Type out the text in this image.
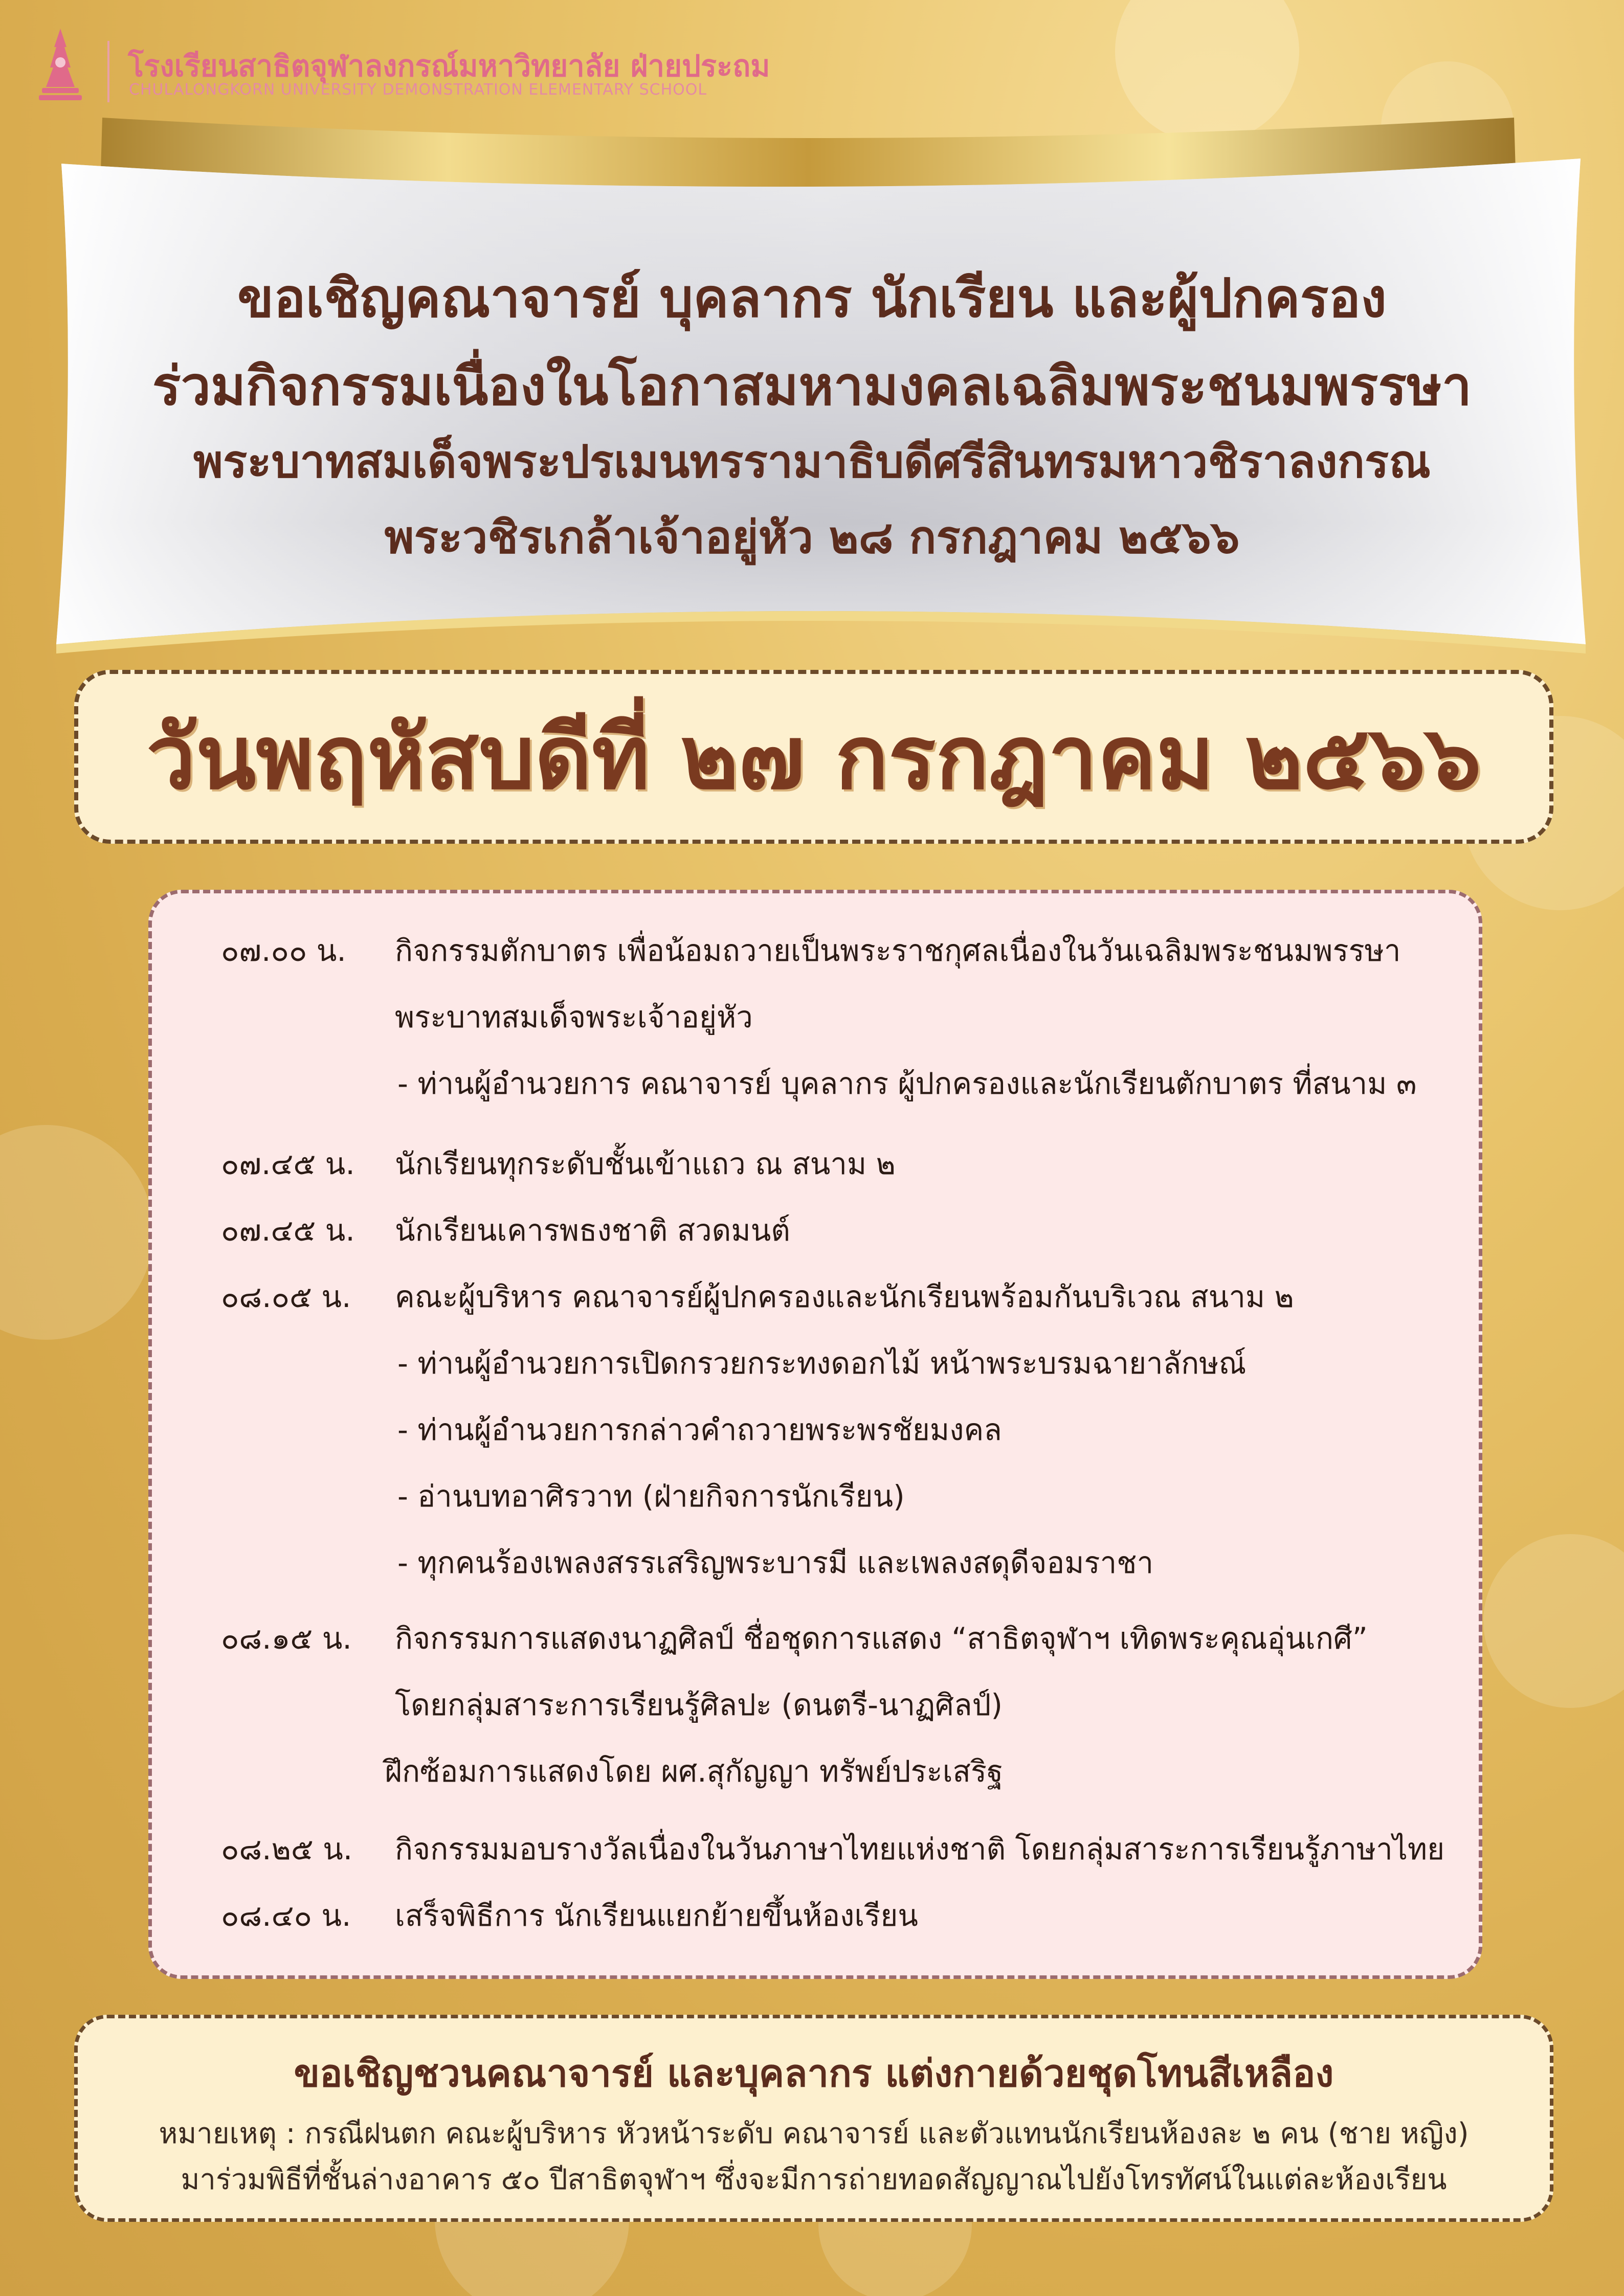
โรงเรียนสาธิตจุฬาลงกรณ์มหาวิทยาลัย ฝ่ายประถม
CHULALONGKORN UNIVERSITY DEMONSTRATION ELEMENTARY SCHOOL
ขอเชิญคณาจารย์ บุคลากร นักเรียน และผู้ปกครอง
ร่วมกิจกรรมเนื่องในโอกาสมหามงคลเฉลิมพระชนมพรรษา
พระบาทสมเด็จพระปรเมนทรรามาธิบดีศรีสินทรมหาวชิราลงกรณ
พระวชิรเกล้าเจ้าอยู่หัว ๒๘ กรกฎาคม ๒๕๖๖
วันพฤหัสบดีที่ ๒๗ กรกฎาคม ๒๕๖๖
๐๗.๐๐ น.	กิจกรรมตักบาตร เพื่อน้อมถวายเป็นพระราชกุศลเนื่องในวันเฉลิมพระชนมพรรษา
พระบาทสมเด็จพระเจ้าอยู่หัว
- ท่านผู้อำนวยการ คณาจารย์ บุคลากร ผู้ปกครองและนักเรียนตักบาตร ที่สนาม ๓
๐๗.๔๕ น.	นักเรียนทุกระดับชั้นเข้าแถว ณ สนาม ๒
๐๗.๔๕ น.	นักเรียนเคารพธงชาติ สวดมนต์
๐๘.๐๕ น.	คณะผู้บริหาร คณาจารย์ผู้ปกครองและนักเรียนพร้อมกันบริเวณ สนาม ๒
- ท่านผู้อำนวยการเปิดกรวยกระทงดอกไม้ หน้าพระบรมฉายาลักษณ์
- ท่านผู้อำนวยการกล่าวคำถวายพระพรชัยมงคล
- อ่านบทอาศิรวาท (ฝ่ายกิจการนักเรียน)
- ทุกคนร้องเพลงสรรเสริญพระบารมี และเพลงสดุดีจอมราชา
๐๘.๑๕ น.	กิจกรรมการแสดงนาฏศิลป์ ชื่อชุดการแสดง “สาธิตจุฬาฯ เทิดพระคุณอุ่นเกศี”
โดยกลุ่มสาระการเรียนรู้ศิลปะ (ดนตรี-นาฏศิลป์)
ฝึกซ้อมการแสดงโดย ผศ.สุกัญญา ทรัพย์ประเสริฐ
๐๘.๒๕ น.	กิจกรรมมอบรางวัลเนื่องในวันภาษาไทยแห่งชาติ โดยกลุ่มสาระการเรียนรู้ภาษาไทย
๐๘.๔๐ น.	เสร็จพิธีการ นักเรียนแยกย้ายขึ้นห้องเรียน
ขอเชิญชวนคณาจารย์ และบุคลากร แต่งกายด้วยชุดโทนสีเหลือง
หมายเหตุ : กรณีฝนตก คณะผู้บริหาร หัวหน้าระดับ คณาจารย์ และตัวแทนนักเรียนห้องละ ๒ คน (ชาย หญิง)
มาร่วมพิธีที่ชั้นล่างอาคาร ๕๐ ปีสาธิตจุฬาฯ ซึ่งจะมีการถ่ายทอดสัญญาณไปยังโทรทัศน์ในแต่ละห้องเรียน
